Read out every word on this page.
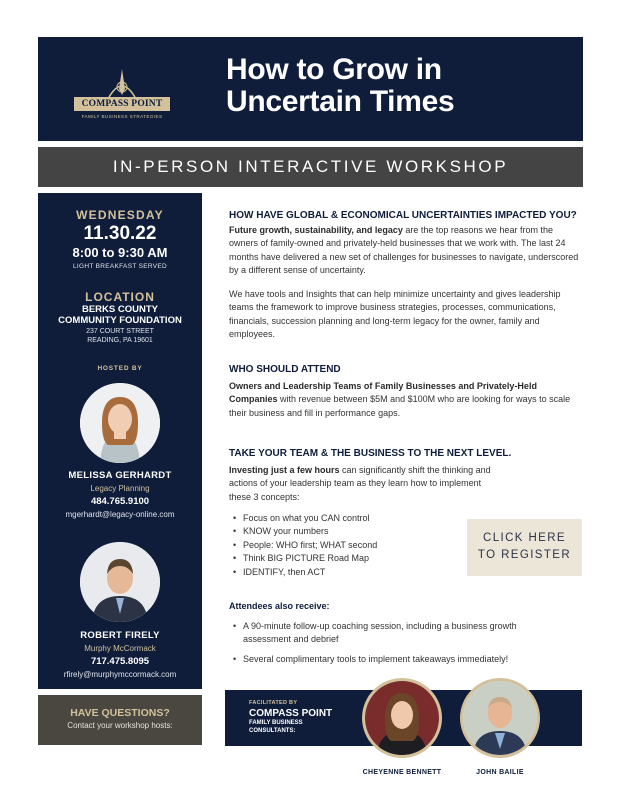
COMPASS POINT
FAMILY BUSINESS STRATEGIES
How to Grow in
Uncertain Times
IN-PERSON INTERACTIVE WORKSHOP
WEDNESDAY
11.30.22
8:00 to 9:30 AM
LIGHT BREAKFAST SERVED
LOCATION
BERKS COUNTY
COMMUNITY FOUNDATION
237 COURT STREET
READING, PA 19601
HOSTED BY
MELISSA GERHARDT
Legacy Planning
484.765.9100
mgerhardt@legacy-online.com
ROBERT FIRELY
Murphy McCormack
717.475.8095
rfirely@murphymccormack.com
HAVE QUESTIONS?
Contact your workshop hosts:
HOW HAVE GLOBAL & ECONOMICAL UNCERTAINTIES IMPACTED YOU?
Future growth, sustainability, and legacy are the top reasons we hear from the owners of family-owned and privately-held businesses that we work with. The last 24 months have delivered a new set of challenges for businesses to navigate, underscored by a different sense of uncertainty.
We have tools and Insights that can help minimize uncertainty and gives leadership teams the framework to improve business strategies, processes, communications, financials, succession planning and long-term legacy for the owner, family and employees.
WHO SHOULD ATTEND
Owners and Leadership Teams of Family Businesses and Privately-Held Companies with revenue between $5M and $100M who are looking for ways to scale their business and fill in performance gaps.
TAKE YOUR TEAM & THE BUSINESS TO THE NEXT LEVEL.
Investing just a few hours can significantly shift the thinking and actions of your leadership team as they learn how to implement these 3 concepts:
• Focus on what you CAN control
• KNOW your numbers
• People: WHO first; WHAT second
• Think BIG PICTURE Road Map
• IDENTIFY, then ACT
CLICK HERE
TO REGISTER
Attendees also receive:
• A 90-minute follow-up coaching session, including a business growth assessment and debrief
• Several complimentary tools to implement takeaways immediately!
FACILITATED BY
COMPASS POINT
FAMILY BUSINESS
CONSULTANTS:
CHEYENNE BENNETT	JOHN BAILIE
